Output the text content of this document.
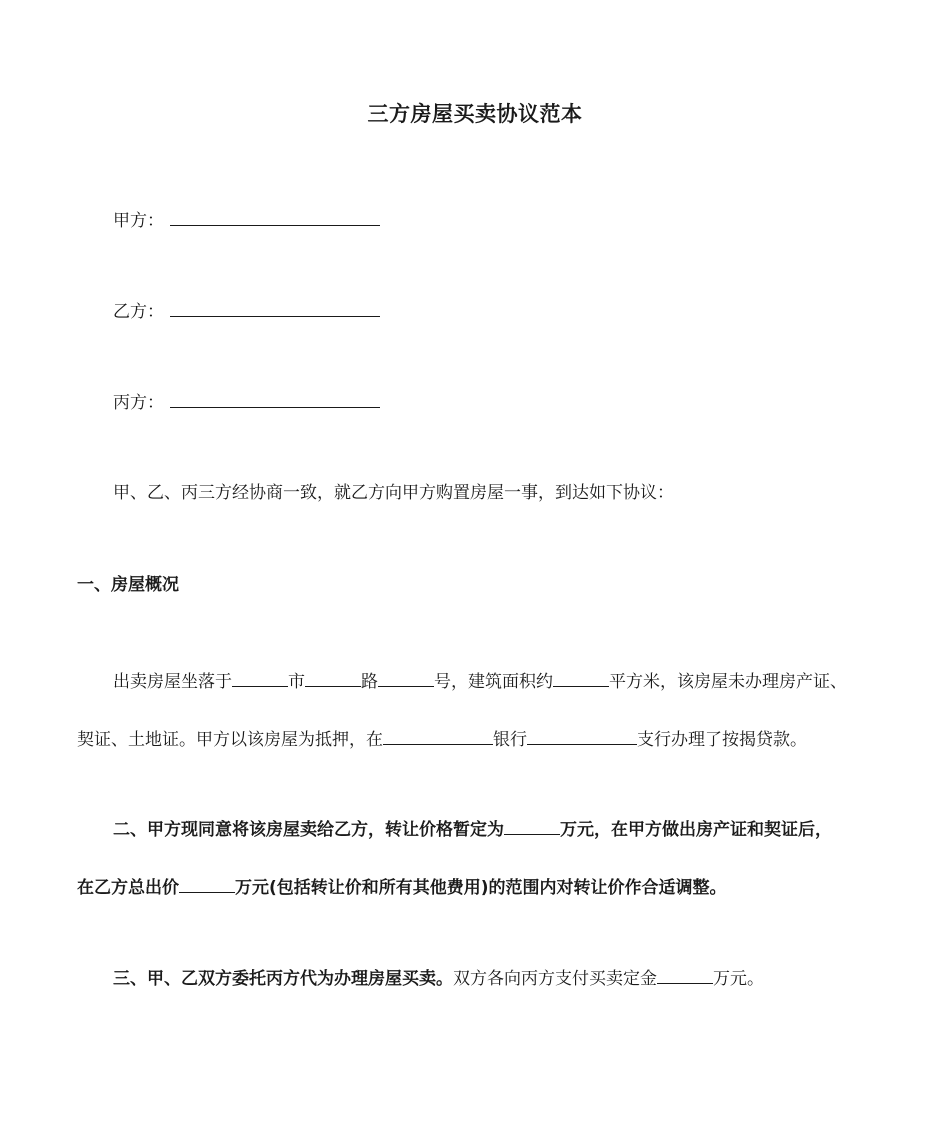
三方房屋买卖协议范本
甲方：
乙方：
丙方：
甲、乙、丙三方经协商一致，就乙方向甲方购置房屋一事，到达如下协议：
一、房屋概况
出卖房屋坐落于	市	路	号，建筑面积约	平方米，该房屋未办理房产证、
契证、土地证。甲方以该房屋为抵押，在	银行	支行办理了按揭贷款。
二、甲方现同意将该房屋卖给乙方，转让价格暂定为	万元，在甲方做出房产证和契证后，
在乙方总出价	万元(包括转让价和所有其他费用)的范围内对转让价作合适调整。
三、甲、乙双方委托丙方代为办理房屋买卖。双方各向丙方支付买卖定金	万元。
